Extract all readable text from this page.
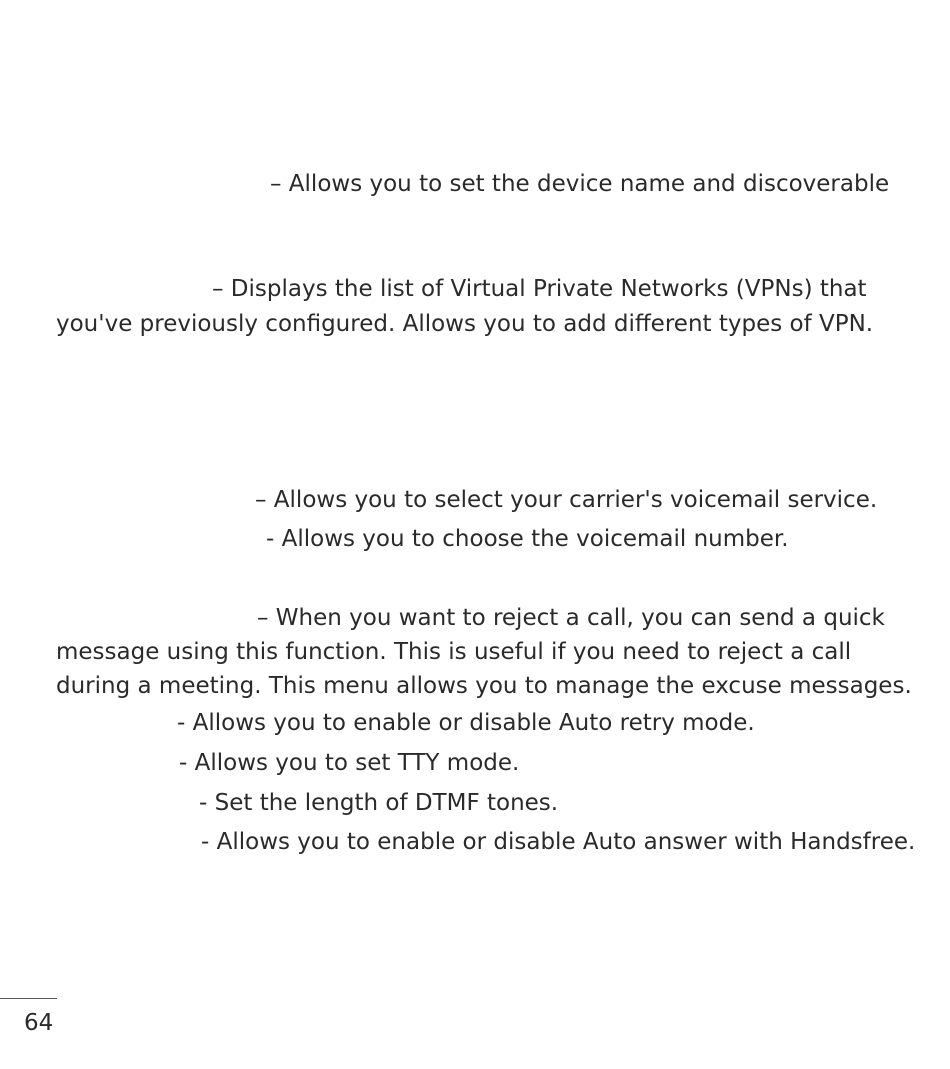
– Allows you to set the device name and discoverable
– Displays the list of Virtual Private Networks (VPNs) that
you've previously configured. Allows you to add different types of VPN.
– Allows you to select your carrier's voicemail service.
- Allows you to choose the voicemail number.
– When you want to reject a call, you can send a quick
message using this function. This is useful if you need to reject a call
during a meeting. This menu allows you to manage the excuse messages.
- Allows you to enable or disable Auto retry mode.
- Allows you to set TTY mode.
- Set the length of DTMF tones.
- Allows you to enable or disable Auto answer with Handsfree.
64
